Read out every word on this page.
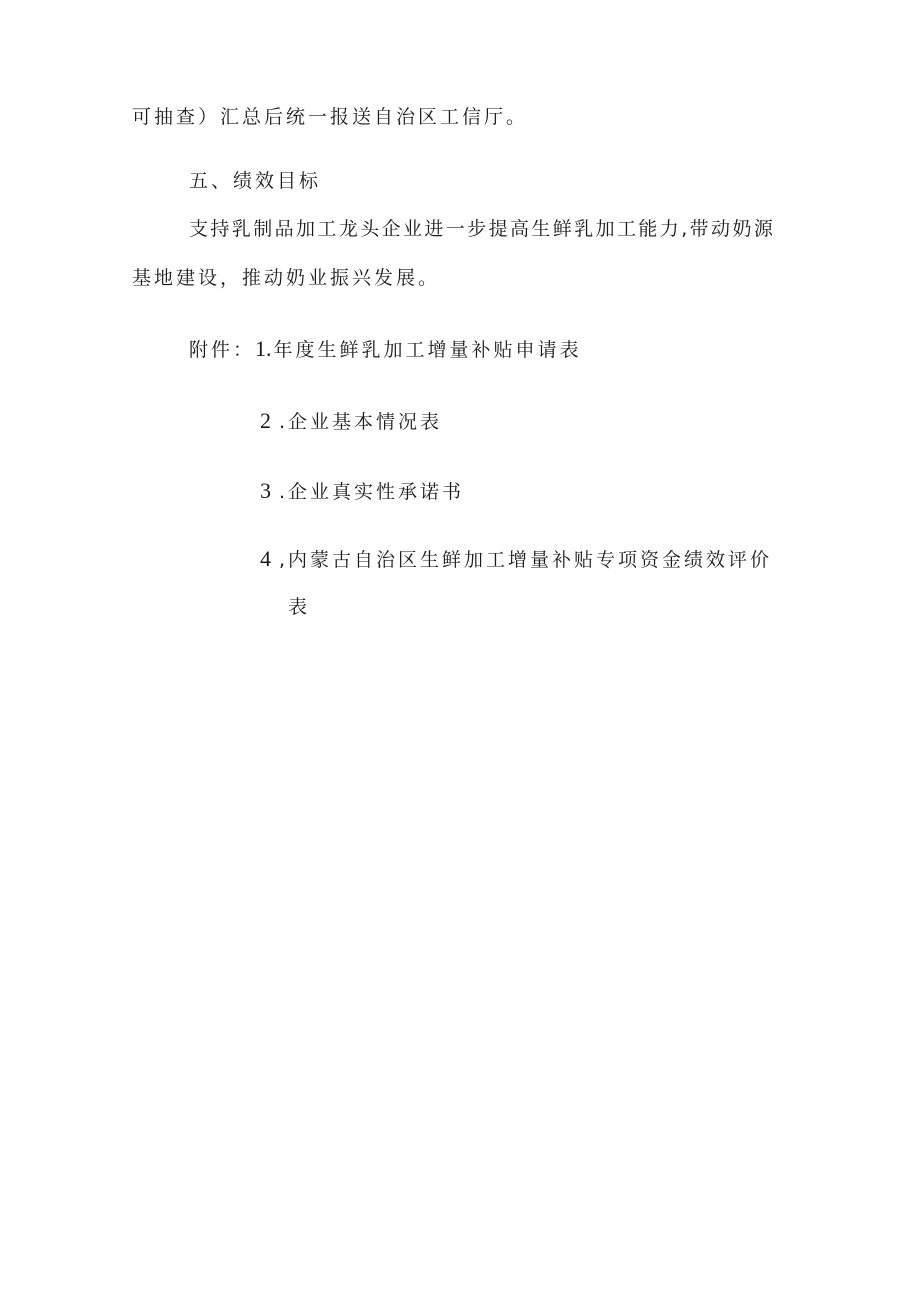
可抽查）汇总后统一报送自治区工信厅。
五、绩效目标
支持乳制品加工龙头企业进一步提高生鲜乳加工能力,带动奶源
基地建设，推动奶业振兴发展。
附件：1. 年度生鲜乳加工增量补贴申请表
2 .企业基本情况表
3 .企业真实性承诺书
4 ,内蒙古自治区生鲜加工增量补贴专项资金绩效评价
表
